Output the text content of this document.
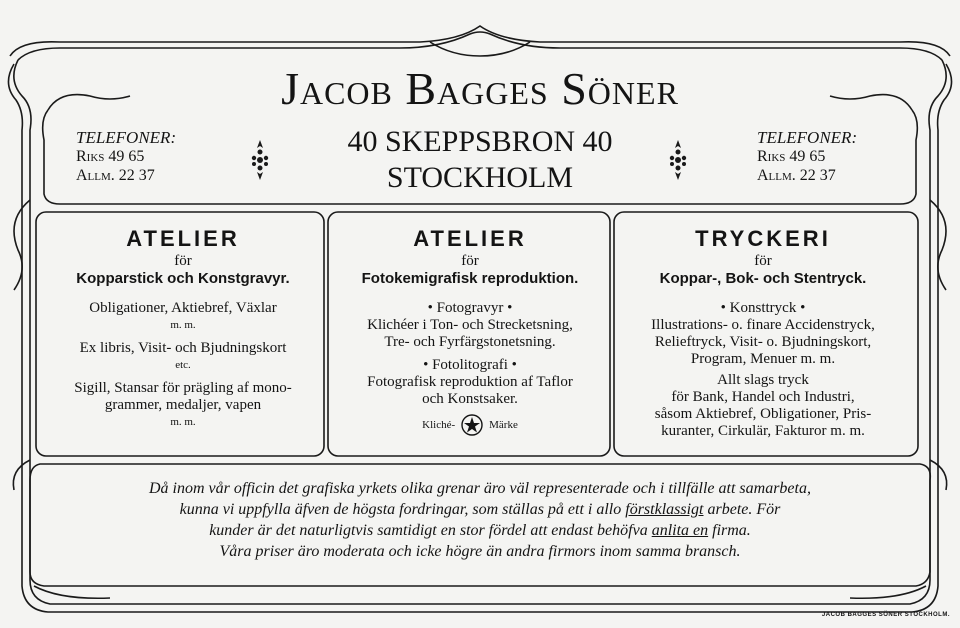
Jacob Bagges Söner
TELEFONER:
Riks 49 65
Allm. 22 37
40 SKEPPSBRON 40
STOCKHOLM
TELEFONER:
Riks 49 65
Allm. 22 37
ATELIER
för
Kopparstick och Konstgravyr.
Obligationer, Aktiebref, Växlar
m. m.
Ex libris, Visit- och Bjudningskort
etc.
Sigill, Stansar för prägling af mono-
grammer, medaljer, vapen
m. m.
ATELIER
för
Fotokemigrafisk reproduktion.
• Fotogravyr •
Klichéer i Ton- och Strecketsning,
Tre- och Fyrfärgstonetsning.
• Fotolitografi •
Fotografisk reproduktion af Taflor
och Konstsaker.
Kliché-	Märke
TRYCKERI
för
Koppar-, Bok- och Stentryck.
• Konsttryck •
Illustrations- o. finare Accidenstryck,
Relieftryck, Visit- o. Bjudningskort,
Program, Menuer m. m.
Allt slags tryck
för Bank, Handel och Industri,
såsom Aktiebref, Obligationer, Pris-
kuranter, Cirkulär, Fakturor m. m.
Då inom vår officin det grafiska yrkets olika grenar äro väl representerade och i tillfälle att samarbeta,
kunna vi uppfylla äfven de högsta fordringar, som ställas på ett i allo förstklassigt arbete. För
kunder är det naturligtvis samtidigt en stor fördel att endast behöfva anlita en firma.
Våra priser äro moderata och icke högre än andra firmors inom samma bransch.
JACOB BAGGES SÖNER STOCKHOLM.
